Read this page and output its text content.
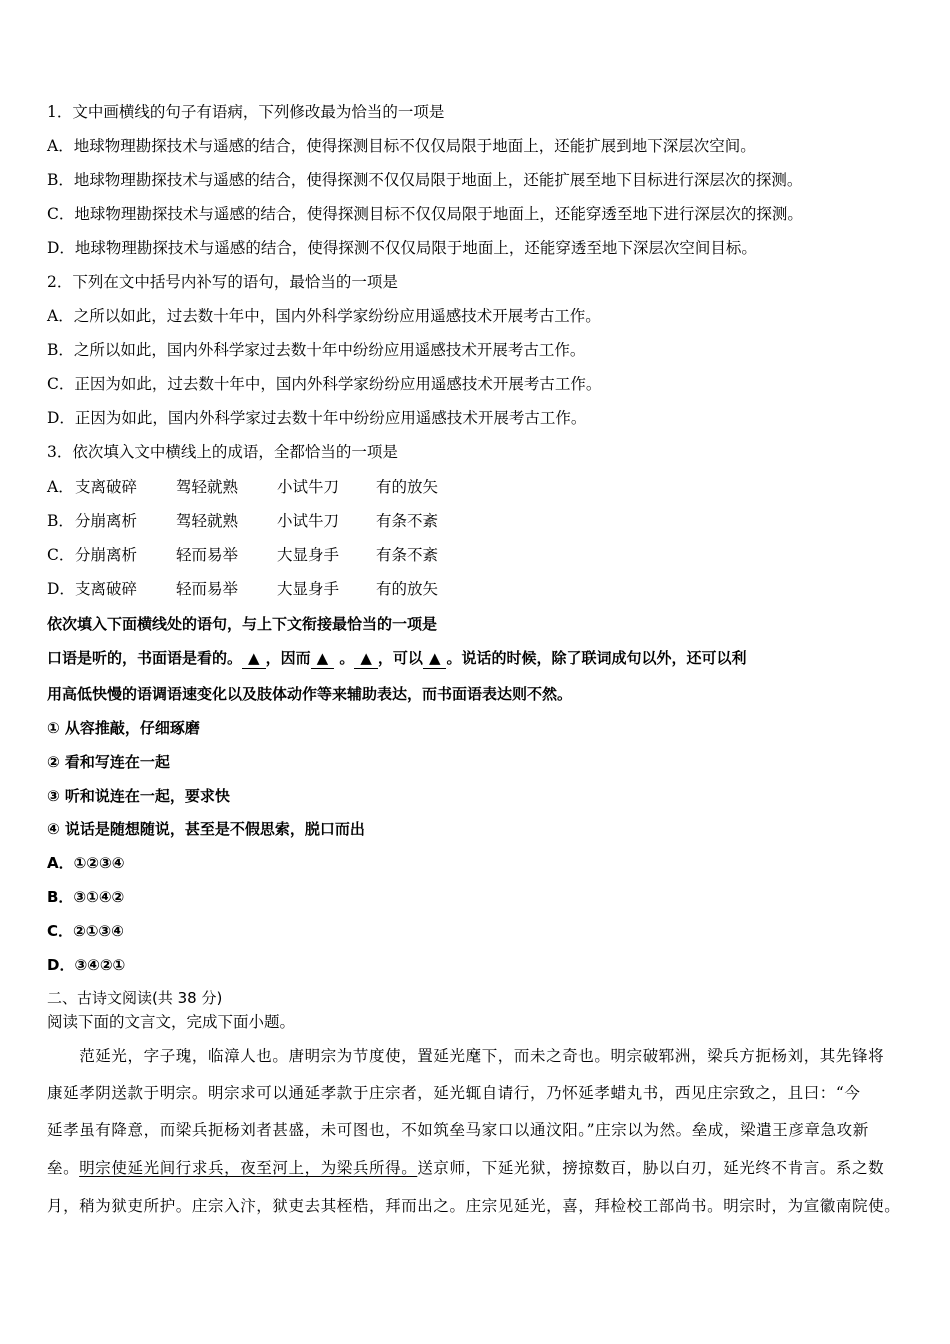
1．文中画横线的句子有语病，下列修改最为恰当的一项是
A．地球物理勘探技术与遥感的结合，使得探测目标不仅仅局限于地面上，还能扩展到地下深层次空间。
B．地球物理勘探技术与遥感的结合，使得探测不仅仅局限于地面上，还能扩展至地下目标进行深层次的探测。
C．地球物理勘探技术与遥感的结合，使得探测目标不仅仅局限于地面上，还能穿透至地下进行深层次的探测。
D．地球物理勘探技术与遥感的结合，使得探测不仅仅局限于地面上，还能穿透至地下深层次空间目标。
2．下列在文中括号内补写的语句，最恰当的一项是
A．之所以如此，过去数十年中，国内外科学家纷纷应用遥感技术开展考古工作。
B．之所以如此，国内外科学家过去数十年中纷纷应用遥感技术开展考古工作。
C．正因为如此，过去数十年中，国内外科学家纷纷应用遥感技术开展考古工作。
D．正因为如此，国内外科学家过去数十年中纷纷应用遥感技术开展考古工作。
3．依次填入文中横线上的成语，全都恰当的一项是
A． 支离破碎	驾轻就熟	小试牛刀 有的放矢
B． 分崩离析	驾轻就熟	小试牛刀 有条不紊
C． 分崩离析	轻而易举	大显身手 有条不紊
D． 支离破碎	轻而易举	大显身手 有的放矢
依次填入下面横线处的语句，与上下文衔接最恰当的一项是
口语是听的，书面语是看的。 ▲ ，因而 ▲ 。 ▲ ，可以 ▲ 。说话的时候，除了联词成句以外，还可以利
用高低快慢的语调语速变化以及肢体动作等来辅助表达，而书面语表达则不然。
① 从容推敲，仔细琢磨
② 看和写连在一起
③ 听和说连在一起，要求快
④ 说话是随想随说，甚至是不假思索，脱口而出
A．①②③④
B．③①④②
C．②①③④
D．③④②①
二、古诗文阅读(共 38 分)
阅读下面的文言文，完成下面小题。
　　范延光，字子瑰，临漳人也。唐明宗为节度使，置延光麾下，而未之奇也。明宗破郓洲，梁兵方扼杨刘，其先锋将
康延孝阴送款于明宗。明宗求可以通延孝款于庄宗者，延光辄自请行，乃怀延孝蜡丸书，西见庄宗致之，且曰：“今
延孝虽有降意，而梁兵扼杨刘者甚盛，未可图也，不如筑垒马家口以通汶阳。”庄宗以为然。垒成，梁遣王彦章急攻新
垒。明宗使延光间行求兵，夜至河上，为梁兵所得。送京师，下延光狱，搒掠数百，胁以白刃，延光终不肯言。系之数
月，稍为狱吏所护。庄宗入汴，狱吏去其桎梏，拜而出之。庄宗见延光，喜，拜检校工部尚书。明宗时，为宣徽南院使。
